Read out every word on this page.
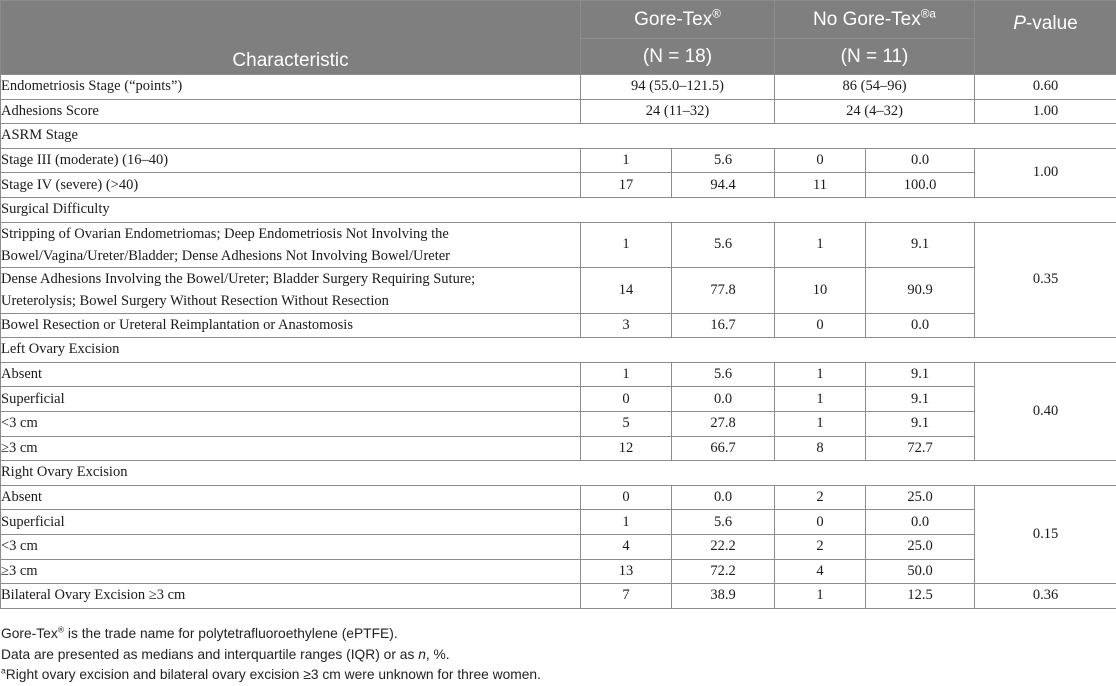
Characteristic	Gore-Tex®		No Gore-Tex$^{®a}$		P-value
	(N = 18)		(N = 11)		
Endometriosis Stage (“points”)	94 (55.0–121.5)		86 (54–96)		0.60
Adhesions Score	24 (11–32)		24 (4–32)		1.00
ASRM Stage					
Stage III (moderate) (16–40)	1	5.6	0	0.0	1.00
Stage IV (severe) (>40)	17	94.4	11	100.0	
Surgical Difficulty					

Stripping of Ovarian Endometriomas; Deep Endometriosis Not Involving the
Bowel/Vagina/Ureter/Bladder; Dense Adhesions Not Involving Bowel/Ureter	1	5.6	1	9.1	0.35

Dense Adhesions Involving the Bowel/Ureter; Bladder Surgery Requiring Suture;
Ureterolysis; Bowel Surgery Without Resection Without Resection	14	77.8	10	90.9	
Bowel Resection or Ureteral Reimplantation or Anastomosis	3	16.7	0	0.0	
Left Ovary Excision					
Absent	1	5.6	1	9.1	0.40
Superficial	0	0.0	1	9.1	
<3 cm	5	27.8	1	9.1	
≥3 cm	12	66.7	8	72.7	
Right Ovary Excision					
Absent	0	0.0	2	25.0	0.15
Superficial	1	5.6	0	0.0	
<3 cm	4	22.2	2	25.0	
≥3 cm	13	72.2	4	50.0	
Bilateral Ovary Excision ≥3 cm	7	38.9	1	12.5	0.36
Gore-Tex® is the trade name for polytetrafluoroethylene (ePTFE).
Data are presented as medians and interquartile ranges (IQR) or as n, %.
$^a$Right ovary excision and bilateral ovary excision ≥3 cm were unknown for three women.
